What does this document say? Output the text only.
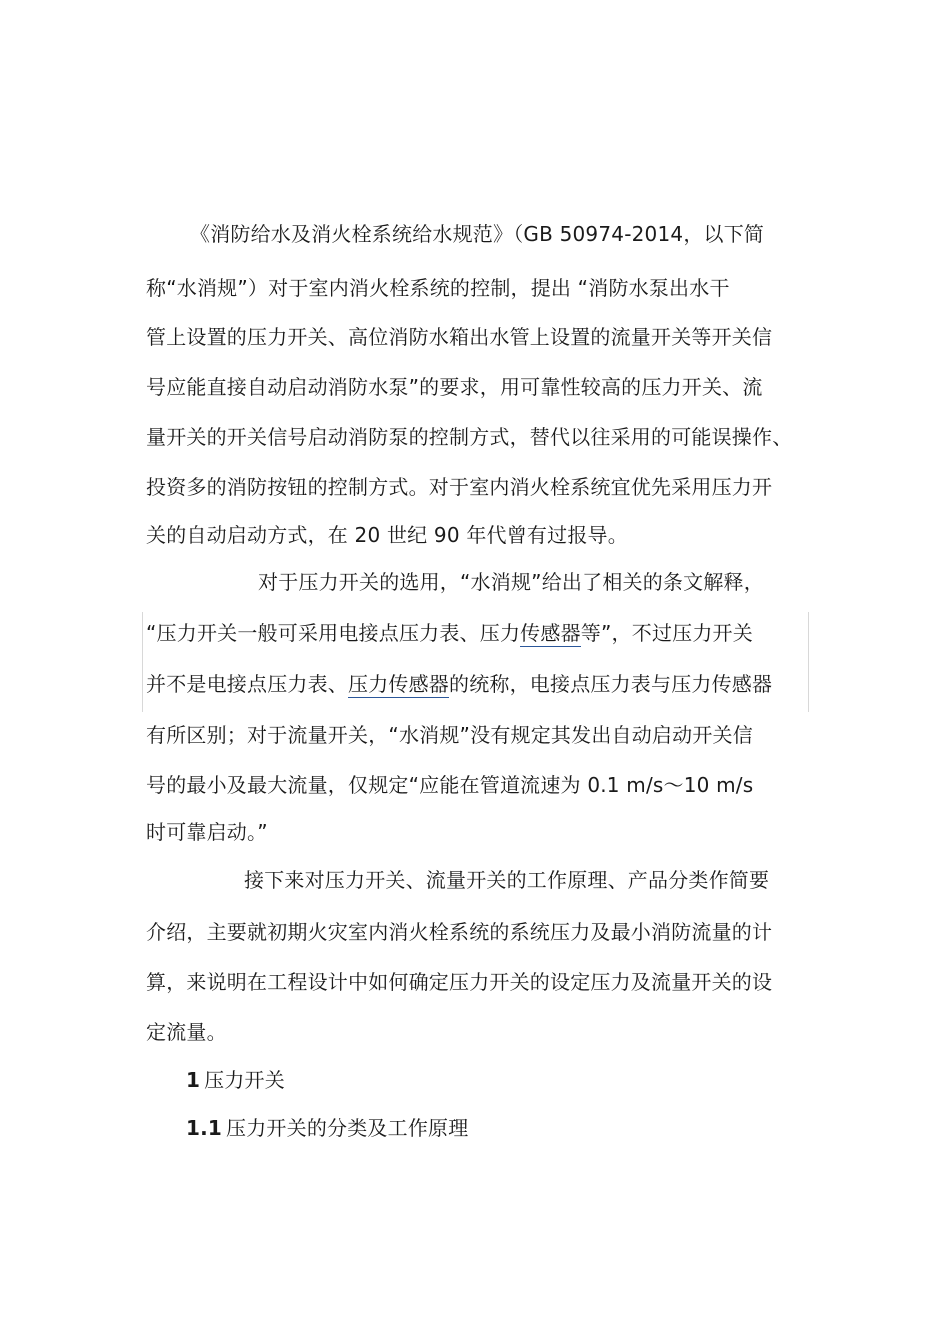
《消防给水及消火栓系统给水规范》（GB 50974-2014，以下简
称“水消规”）对于室内消火栓系统的控制，提出 “消防水泵出水干
管上设置的压力开关、高位消防水箱出水管上设置的流量开关等开关信
号应能直接自动启动消防水泵”的要求，用可靠性较高的压力开关、流
量开关的开关信号启动消防泵的控制方式，替代以往采用的可能误操作、
投资多的消防按钮的控制方式。对于室内消火栓系统宜优先采用压力开
关的自动启动方式，在 20 世纪 90 年代曾有过报导。
对于压力开关的选用，“水消规”给出了相关的条文解释，
“压力开关一般可采用电接点压力表、压力传感器等”，不过压力开关
并不是电接点压力表、压力传感器的统称，电接点压力表与压力传感器
有所区别；对于流量开关，“水消规”没有规定其发出自动启动开关信
号的最小及最大流量，仅规定“应能在管道流速为 0.1 m/s～10 m/s
时可靠启动。”
接下来对压力开关、流量开关的工作原理、产品分类作简要
介绍，主要就初期火灾室内消火栓系统的系统压力及最小消防流量的计
算，来说明在工程设计中如何确定压力开关的设定压力及流量开关的设
定流量。
1 压力开关
1.1 压力开关的分类及工作原理
